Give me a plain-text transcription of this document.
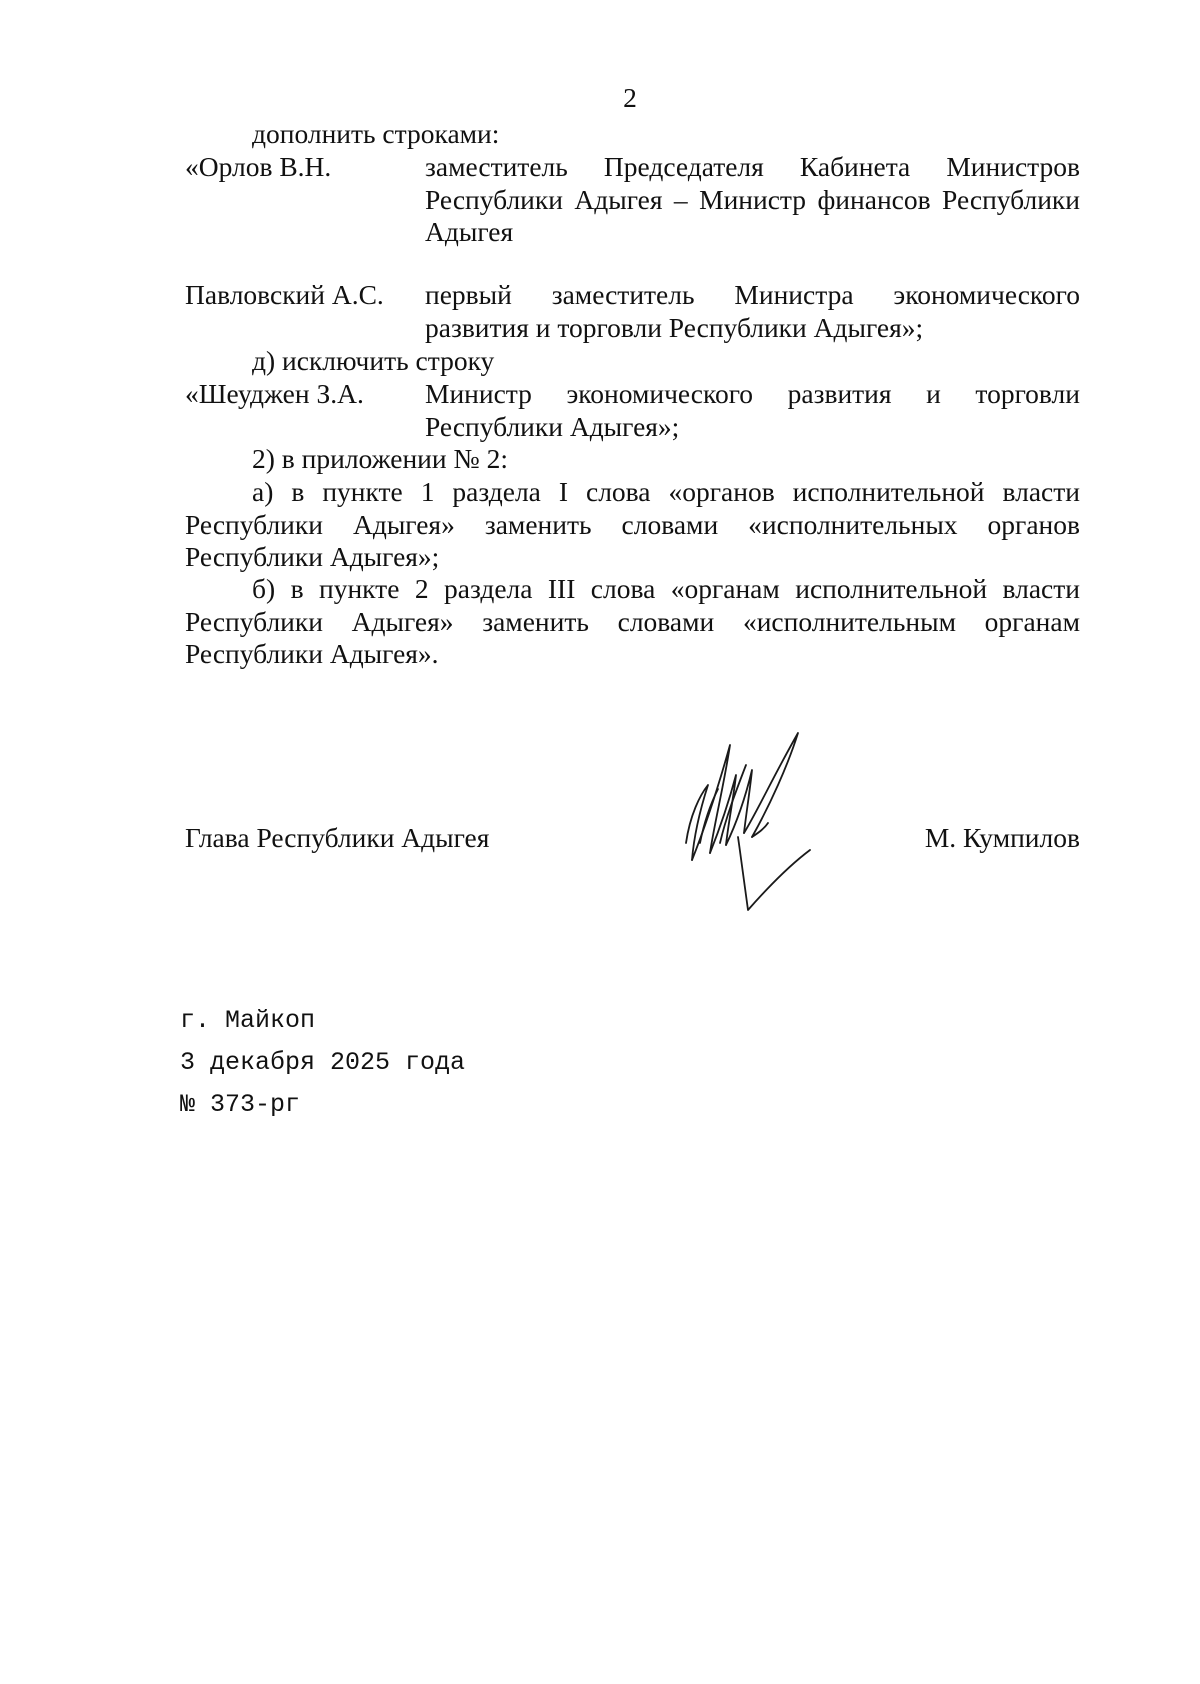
2
дополнить строками:
«Орлов В.Н.	заместитель Председателя Кабинета Министров
Республики Адыгея – Министр финансов Республики
Адыгея
Павловский А.С. первый заместитель Министра экономического
развития и торговли Республики Адыгея»;
д) исключить строку
«Шеуджен З.А. Министр экономического развития и торговли
Республики Адыгея»;
2) в приложении № 2:
а) в пункте 1 раздела I слова «органов исполнительной власти Республики Адыгея» заменить словами «исполнительных органов Республики Адыгея»;
б) в пункте 2 раздела III слова «органам исполнительной власти Республики Адыгея» заменить словами «исполнительным органам Республики Адыгея».
Глава Республики Адыгея	М. Кумпилов
г. Майкоп
3 декабря 2025 года
№ 373-рг
